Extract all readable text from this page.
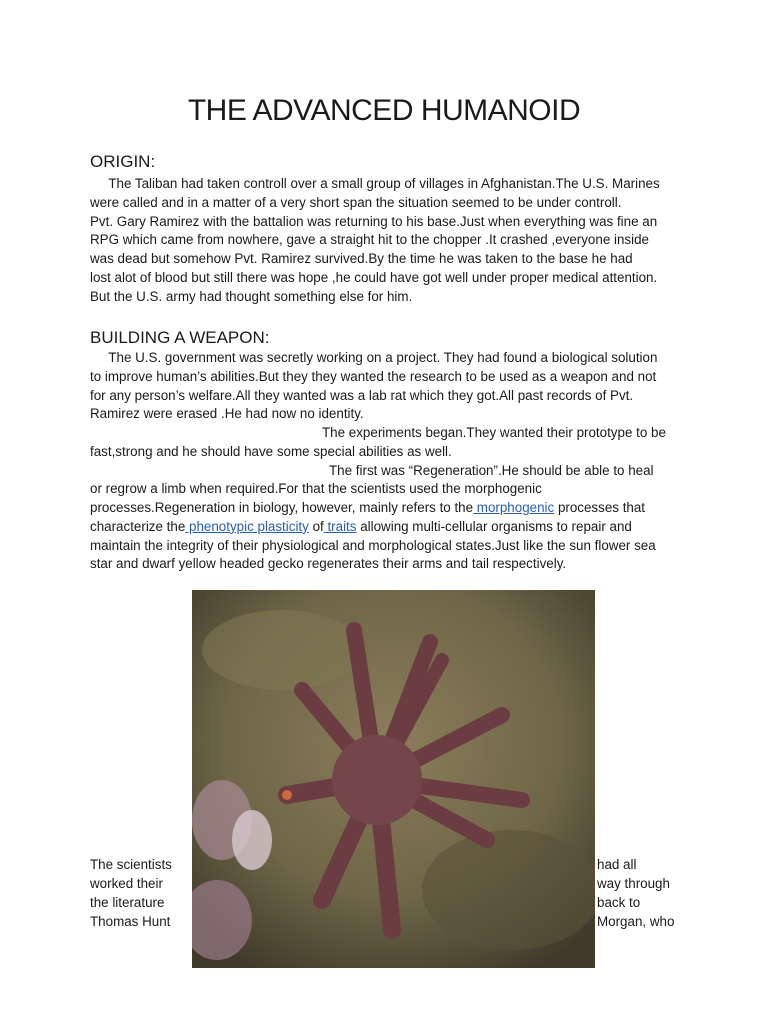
THE ADVANCED HUMANOID
ORIGIN:
The Taliban had taken controll over a small group of villages in Afghanistan.The U.S. Marines
were called and in a matter of a very short span the situation seemed to be under controll.
Pvt. Gary Ramirez with the battalion was returning to his base.Just when everything was fine an
RPG which came from nowhere, gave a straight hit to the chopper .It crashed ,everyone inside
was dead but somehow Pvt. Ramirez survived.By the time he was taken to the base he had
lost alot of blood but still there was hope ,he could have got well under proper medical attention.
But the U.S. army had thought something else for him.
BUILDING A WEAPON:
The U.S. government was secretly working on a project. They had found a biological solution
to improve human’s abilities.But they they wanted the research to be used as a weapon and not
for any person’s welfare.All they wanted was a lab rat which they got.All past records of Pvt.
Ramirez were erased .He had now no identity.
The experiments began.They wanted their prototype to be
fast,strong and he should have some special abilities as well.
The first was “Regeneration”.He should be able to heal
or regrow a limb when required.For that the scientists used the morphogenic
processes.Regeneration in biology, however, mainly refers to the morphogenic processes that
characterize the phenotypic plasticity of traits allowing multi-cellular organisms to repair and
maintain the integrity of their physiological and morphological states.Just like the sun flower sea
star and dwarf yellow headed gecko regenerates their arms and tail respectively.
The scientists
worked their
the literature
Thomas Hunt
had all
way through
back to
Morgan, who
